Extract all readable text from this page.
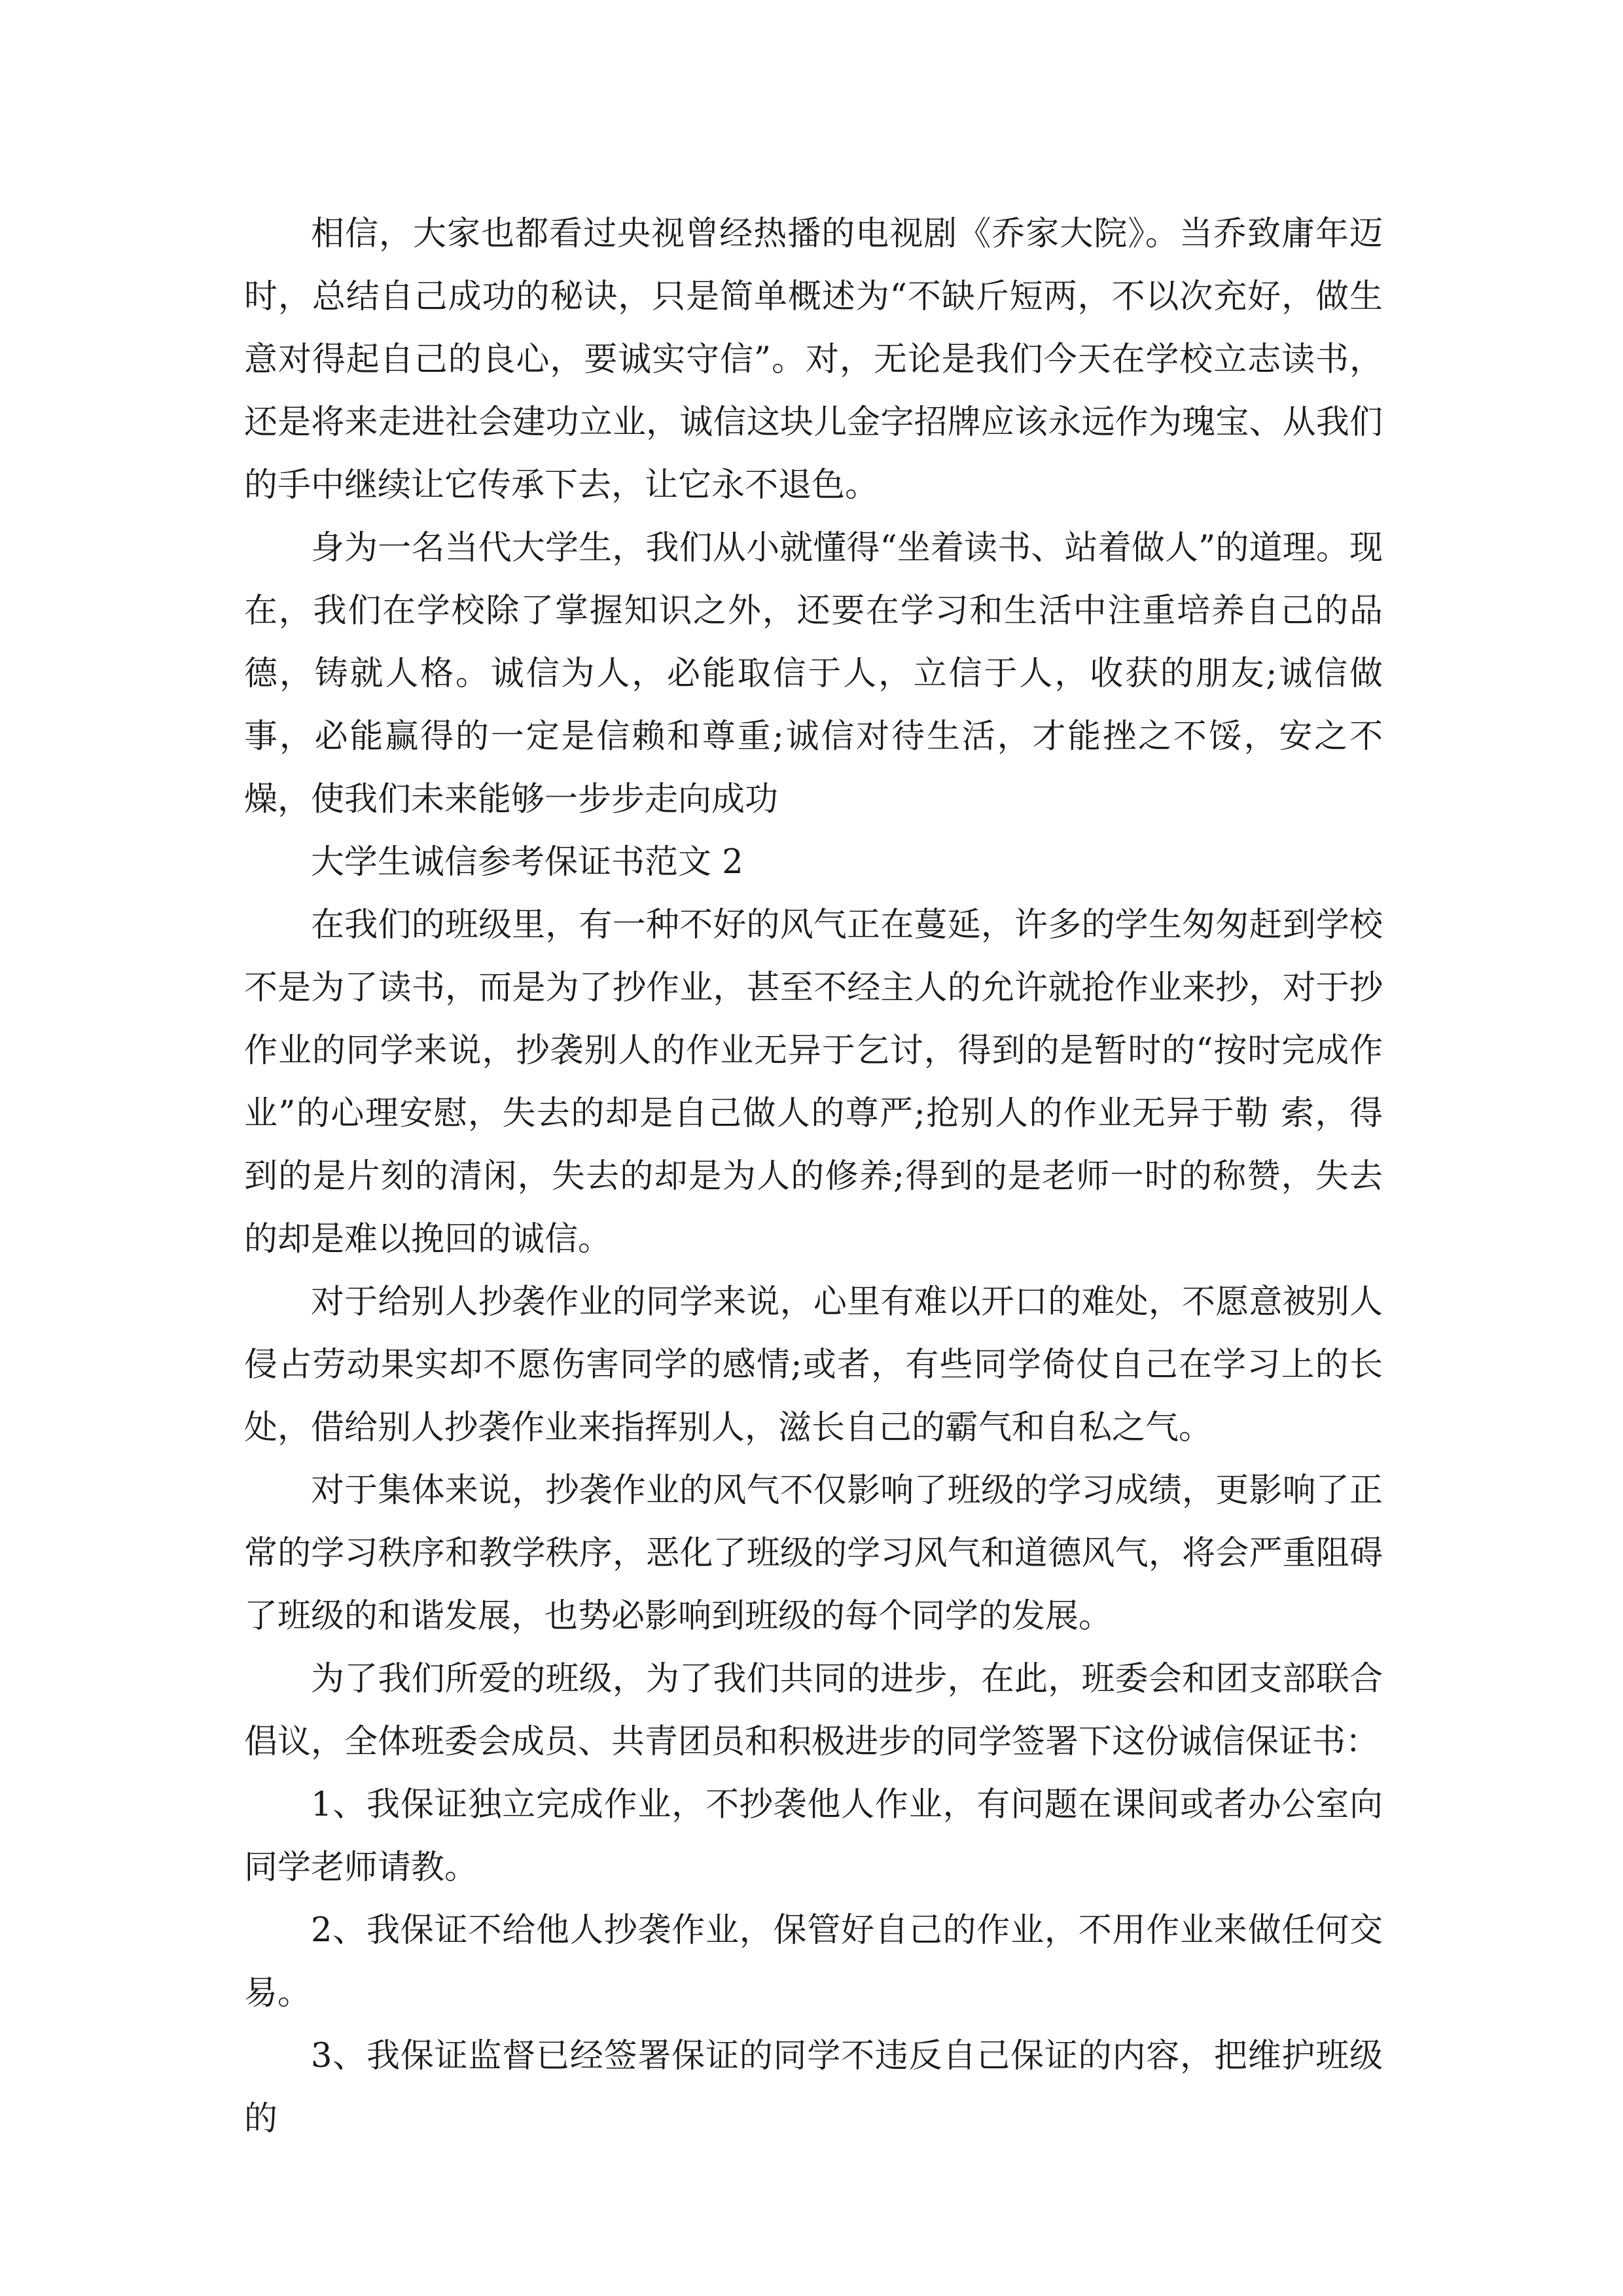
相信，大家也都看过央视曾经热播的电视剧《乔家大院》。当乔致庸年迈时，总结自己成功的秘诀，只是简单概述为“不缺斤短两，不以次充好，做生意对得起自己的良心，要诚实守信”。对，无论是我们今天在学校立志读书，还是将来走进社会建功立业，诚信这块儿金字招牌应该永远作为瑰宝、从我们的手中继续让它传承下去，让它永不退色。

身为一名当代大学生，我们从小就懂得“坐着读书、站着做人”的道理。现在，我们在学校除了掌握知识之外，还要在学习和生活中注重培养自己的品德，铸就人格。诚信为人，必能取信于人，立信于人，收获的朋友;诚信做事，必能赢得的一定是信赖和尊重;诚信对待生活，才能挫之不馁，安之不燥，使我们未来能够一步步走向成功

大学生诚信参考保证书范文 2

在我们的班级里，有一种不好的风气正在蔓延，许多的学生匆匆赶到学校不是为了读书，而是为了抄作业，甚至不经主人的允许就抢作业来抄，对于抄作业的同学来说，抄袭别人的作业无异于乞讨，得到的是暂时的“按时完成作业”的心理安慰，失去的却是自己做人的尊严;抢别人的作业无异于勒 索，得到的是片刻的清闲，失去的却是为人的修养;得到的是老师一时的称赞，失去的却是难以挽回的诚信。

对于给别人抄袭作业的同学来说，心里有难以开口的难处，不愿意被别人侵占劳动果实却不愿伤害同学的感情;或者，有些同学倚仗自己在学习上的长处，借给别人抄袭作业来指挥别人，滋长自己的霸气和自私之气。

对于集体来说，抄袭作业的风气不仅影响了班级的学习成绩，更影响了正常的学习秩序和教学秩序，恶化了班级的学习风气和道德风气，将会严重阻碍了班级的和谐发展，也势必影响到班级的每个同学的发展。

为了我们所爱的班级，为了我们共同的进步，在此，班委会和团支部联合倡议，全体班委会成员、共青团员和积极进步的同学签署下这份诚信保证书：

1、我保证独立完成作业，不抄袭他人作业，有问题在课间或者办公室向同学老师请教。

2、我保证不给他人抄袭作业，保管好自己的作业，不用作业来做任何交易。

3、我保证监督已经签署保证的同学不违反自己保证的内容，把维护班级的
